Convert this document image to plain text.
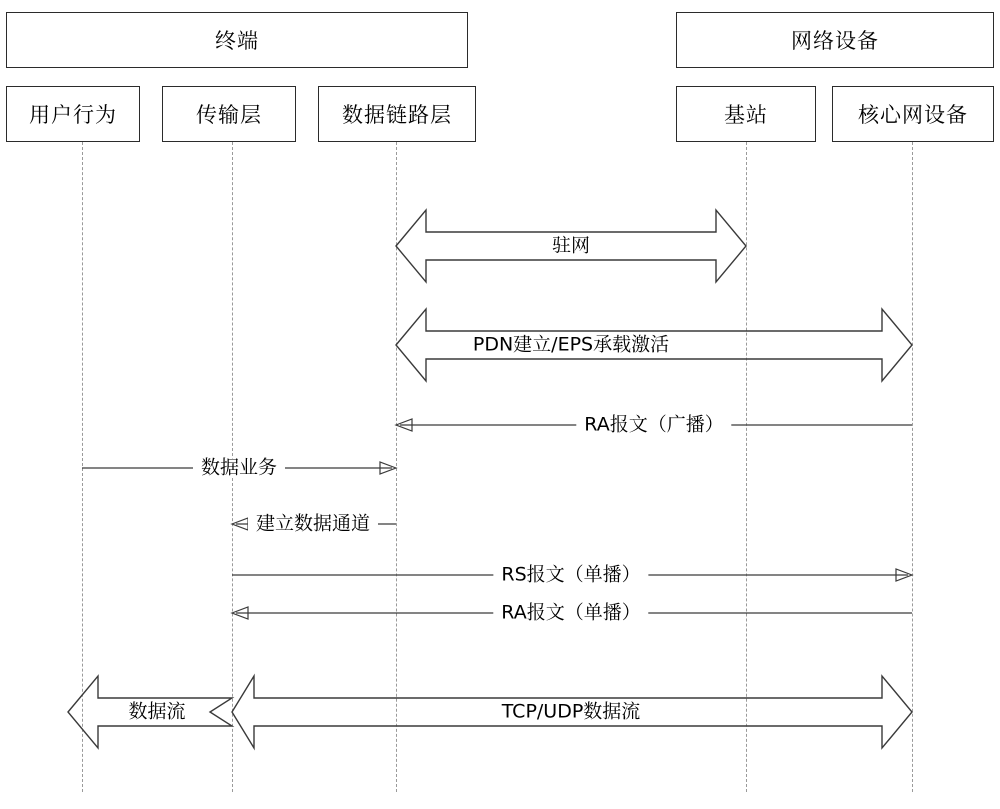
终端	网络设备
用户行为	传输层	数据链路层	基站	核心网设备
驻网
PDN建立/EPS承载激活
RA报文（广播）
数据业务
建立数据通道
RS报文（单播）
RA报文（单播）
数据流	TCP/UDP数据流
